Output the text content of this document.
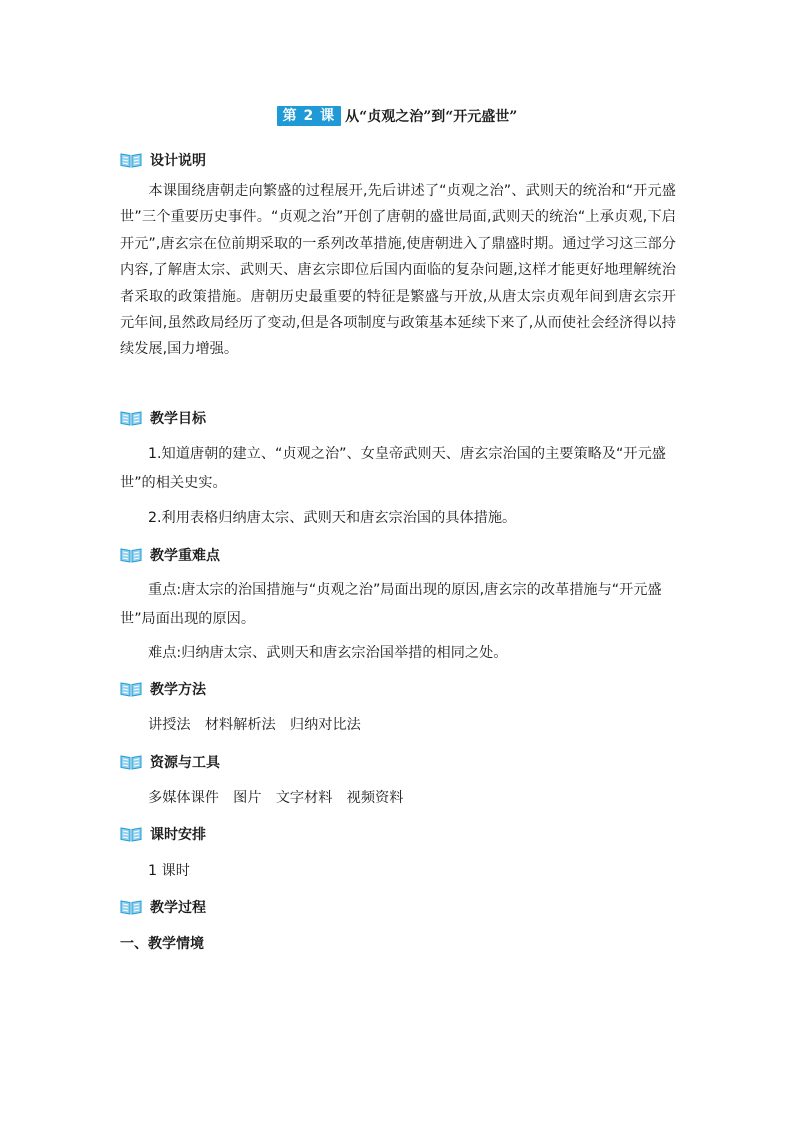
第 2 课 从“贞观之治”到“开元盛世”
设计说明

本课围绕唐朝走向繁盛的过程展开,先后讲述了“贞观之治”、武则天的统治和“开元盛世”三个重要历史事件。“贞观之治”开创了唐朝的盛世局面,武则天的统治“上承贞观,下启开元”,唐玄宗在位前期采取的一系列改革措施,使唐朝进入了鼎盛时期。通过学习这三部分内容,了解唐太宗、武则天、唐玄宗即位后国内面临的复杂问题,这样才能更好地理解统治者采取的政策措施。唐朝历史最重要的特征是繁盛与开放,从唐太宗贞观年间到唐玄宗开元年间,虽然政局经历了变动,但是各项制度与政策基本延续下来了,从而使社会经济得以持续发展,国力增强。

教学目标

1.知道唐朝的建立、“贞观之治”、女皇帝武则天、唐玄宗治国的主要策略及“开元盛世”的相关史实。

2.利用表格归纳唐太宗、武则天和唐玄宗治国的具体措施。

教学重难点

重点:唐太宗的治国措施与“贞观之治”局面出现的原因,唐玄宗的改革措施与“开元盛世”局面出现的原因。

难点:归纳唐太宗、武则天和唐玄宗治国举措的相同之处。

教学方法

讲授法　材料解析法　归纳对比法

资源与工具

多媒体课件　图片　文字材料　视频资料

课时安排

1 课时

教学过程
一、教学情境
